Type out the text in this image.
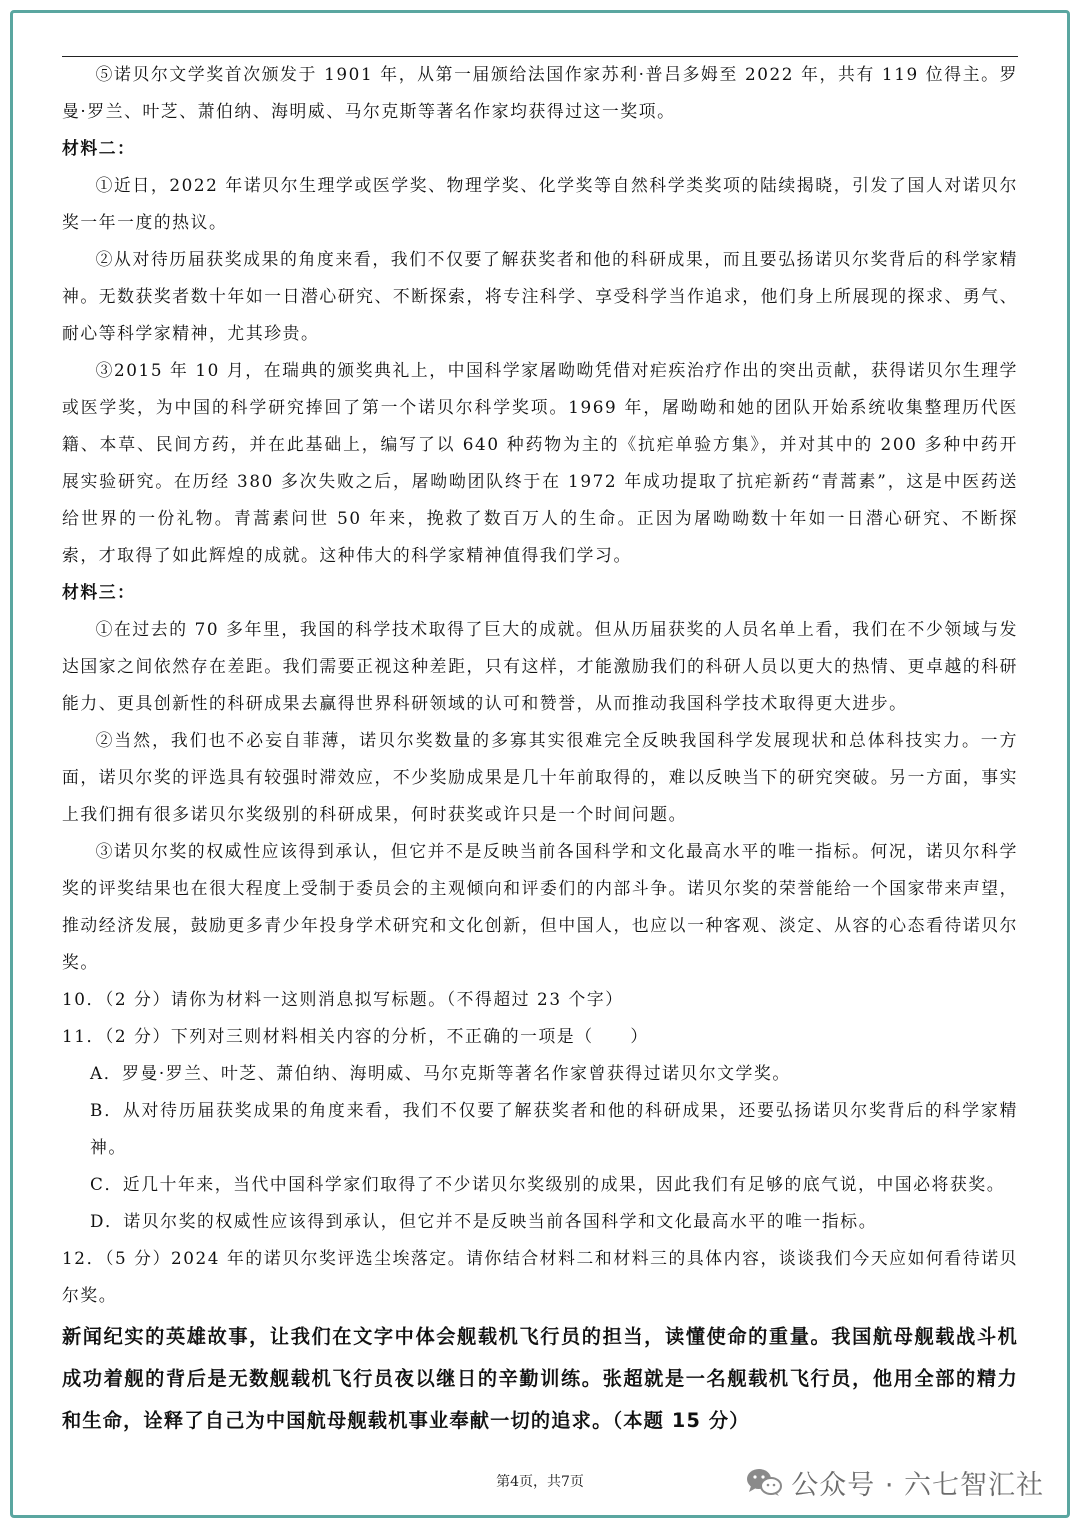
⑤诺贝尔文学奖首次颁发于 1901 年，从第一届颁给法国作家苏利·普吕多姆至 2022 年，共有 119 位得主。罗曼·罗兰、叶芝、萧伯纳、海明威、马尔克斯等著名作家均获得过这一奖项。

材料二：

①近日，2022 年诺贝尔生理学或医学奖、物理学奖、化学奖等自然科学类奖项的陆续揭晓，引发了国人对诺贝尔奖一年一度的热议。

②从对待历届获奖成果的角度来看，我们不仅要了解获奖者和他的科研成果，而且要弘扬诺贝尔奖背后的科学家精神。无数获奖者数十年如一日潜心研究、不断探索，将专注科学、享受科学当作追求，他们身上所展现的探求、勇气、耐心等科学家精神，尤其珍贵。

③2015 年 10 月，在瑞典的颁奖典礼上，中国科学家屠呦呦凭借对疟疾治疗作出的突出贡献，获得诺贝尔生理学或医学奖，为中国的科学研究捧回了第一个诺贝尔科学奖项。1969 年，屠呦呦和她的团队开始系统收集整理历代医籍、本草、民间方药，并在此基础上，编写了以 640 种药物为主的《抗疟单验方集》，并对其中的 200 多种中药开展实验研究。在历经 380 多次失败之后，屠呦呦团队终于在 1972 年成功提取了抗疟新药“青蒿素”，这是中医药送给世界的一份礼物。青蒿素问世 50 年来，挽救了数百万人的生命。正因为屠呦呦数十年如一日潜心研究、不断探索，才取得了如此辉煌的成就。这种伟大的科学家精神值得我们学习。

材料三：

①在过去的 70 多年里，我国的科学技术取得了巨大的成就。但从历届获奖的人员名单上看，我们在不少领域与发达国家之间依然存在差距。我们需要正视这种差距，只有这样，才能激励我们的科研人员以更大的热情、更卓越的科研能力、更具创新性的科研成果去赢得世界科研领域的认可和赞誉，从而推动我国科学技术取得更大进步。

②当然，我们也不必妄自菲薄，诺贝尔奖数量的多寡其实很难完全反映我国科学发展现状和总体科技实力。一方面，诺贝尔奖的评选具有较强时滞效应，不少奖励成果是几十年前取得的，难以反映当下的研究突破。另一方面，事实上我们拥有很多诺贝尔奖级别的科研成果，何时获奖或许只是一个时间问题。

③诺贝尔奖的权威性应该得到承认，但它并不是反映当前各国科学和文化最高水平的唯一指标。何况，诺贝尔科学奖的评奖结果也在很大程度上受制于委员会的主观倾向和评委们的内部斗争。诺贝尔奖的荣誉能给一个国家带来声望，推动经济发展，鼓励更多青少年投身学术研究和文化创新，但中国人，也应以一种客观、淡定、从容的心态看待诺贝尔奖。

10．（2 分）请你为材料一这则消息拟写标题。（不得超过 23 个字）

11．（2 分）下列对三则材料相关内容的分析，不正确的一项是（　　）

A．罗曼·罗兰、叶芝、萧伯纳、海明威、马尔克斯等著名作家曾获得过诺贝尔文学奖。

B．从对待历届获奖成果的角度来看，我们不仅要了解获奖者和他的科研成果，还要弘扬诺贝尔奖背后的科学家精神。

C．近几十年来，当代中国科学家们取得了不少诺贝尔奖级别的成果，因此我们有足够的底气说，中国必将获奖。

D．诺贝尔奖的权威性应该得到承认，但它并不是反映当前各国科学和文化最高水平的唯一指标。

12．（5 分）2024 年的诺贝尔奖评选尘埃落定。请你结合材料二和材料三的具体内容，谈谈我们今天应如何看待诺贝尔奖。

新闻纪实的英雄故事，让我们在文字中体会舰载机飞行员的担当，读懂使命的重量。我国航母舰载战斗机成功着舰的背后是无数舰载机飞行员夜以继日的辛勤训练。张超就是一名舰载机飞行员，他用全部的精力和生命，诠释了自己为中国航母舰载机事业奉献一切的追求。（本题 15 分）

第4页，共7页	公众号 · 六七智汇社
